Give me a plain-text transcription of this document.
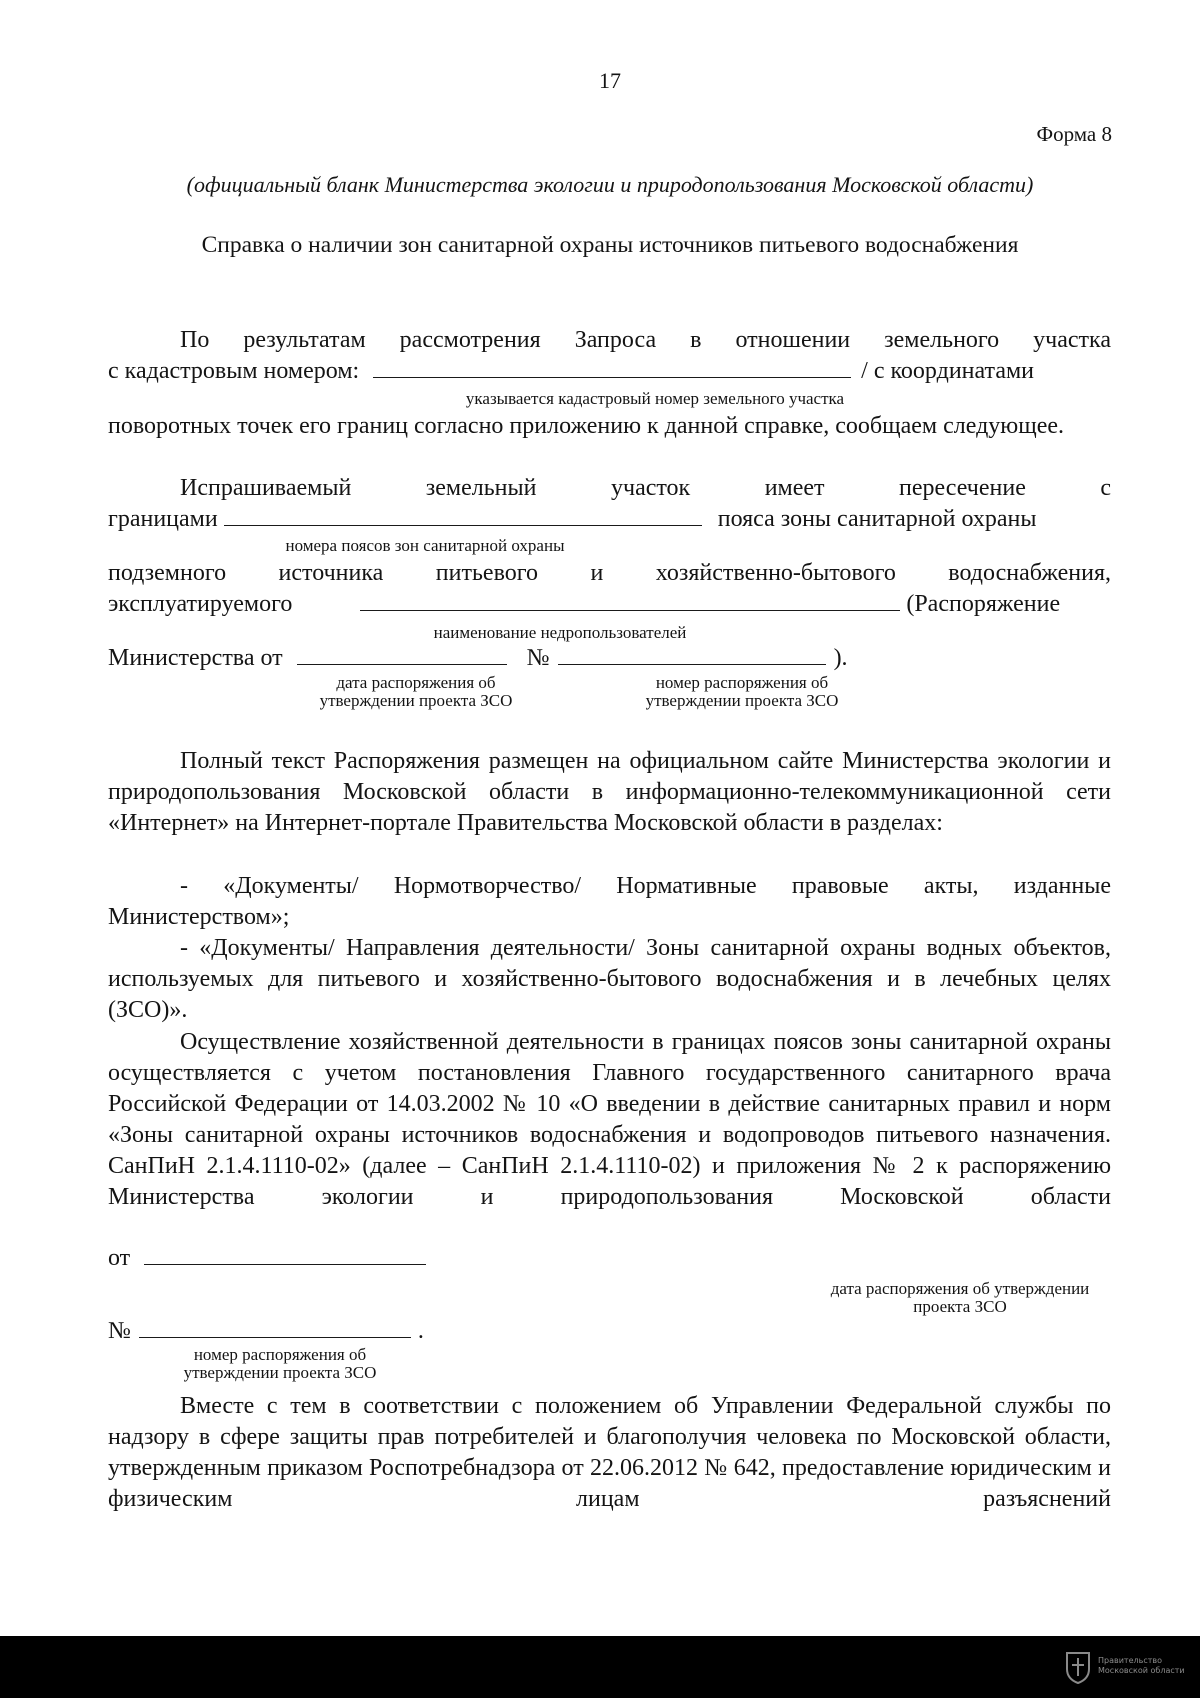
17
Форма 8
(официальный бланк Министерства экологии и природопользования Московской области)
Справка о наличии зон санитарной охраны источников питьевого водоснабжения
По результатам рассмотрения Запроса в отношении земельного участка
с кадастровым номером:	/ с координатами
указывается кадастровый номер земельного участка
поворотных точек его границ согласно приложению к данной справке, сообщаем следующее.
Испрашиваемый земельный участок имеет пересечение с
границами	пояса зоны санитарной охраны
номера поясов зон санитарной охраны
подземного источника питьевого и хозяйственно-бытового водоснабжения,
эксплуатируемого	(Распоряжение
наименование недропользователей
Министерства от	№	).
дата распоряжения об утверждении проекта ЗСО
номер распоряжения об утверждении проекта ЗСО
Полный текст Распоряжения размещен на официальном сайте Министерства экологии и природопользования Московской области в информационно-телекоммуникационной сети «Интернет» на Интернет-портале Правительства Московской области в разделах:
- «Документы/ Нормотворчество/ Нормативные правовые акты, изданные Министерством»;
- «Документы/ Направления деятельности/ Зоны санитарной охраны водных объектов, используемых для питьевого и хозяйственно-бытового водоснабжения и в лечебных целях (ЗСО)».
Осуществление хозяйственной деятельности в границах поясов зоны санитарной охраны осуществляется с учетом постановления Главного государственного санитарного врача Российской Федерации от 14.03.2002 № 10 «О введении в действие санитарных правил и норм «Зоны санитарной охраны источников водоснабжения и водопроводов питьевого назначения. СанПиН 2.1.4.1110-02» (далее – СанПиН 2.1.4.1110-02) и приложения № 2 к распоряжению Министерства экологии и природопользования Московской области
от
дата распоряжения об утверждении проекта ЗСО
№	.
номер распоряжения об утверждении проекта ЗСО
Вместе с тем в соответствии с положением об Управлении Федеральной службы по надзору в сфере защиты прав потребителей и благополучия человека по Московской области, утвержденным приказом Роспотребнадзора от 22.06.2012 № 642, предоставление юридическим и физическим лицам разъяснений
Правительство
Московской области
